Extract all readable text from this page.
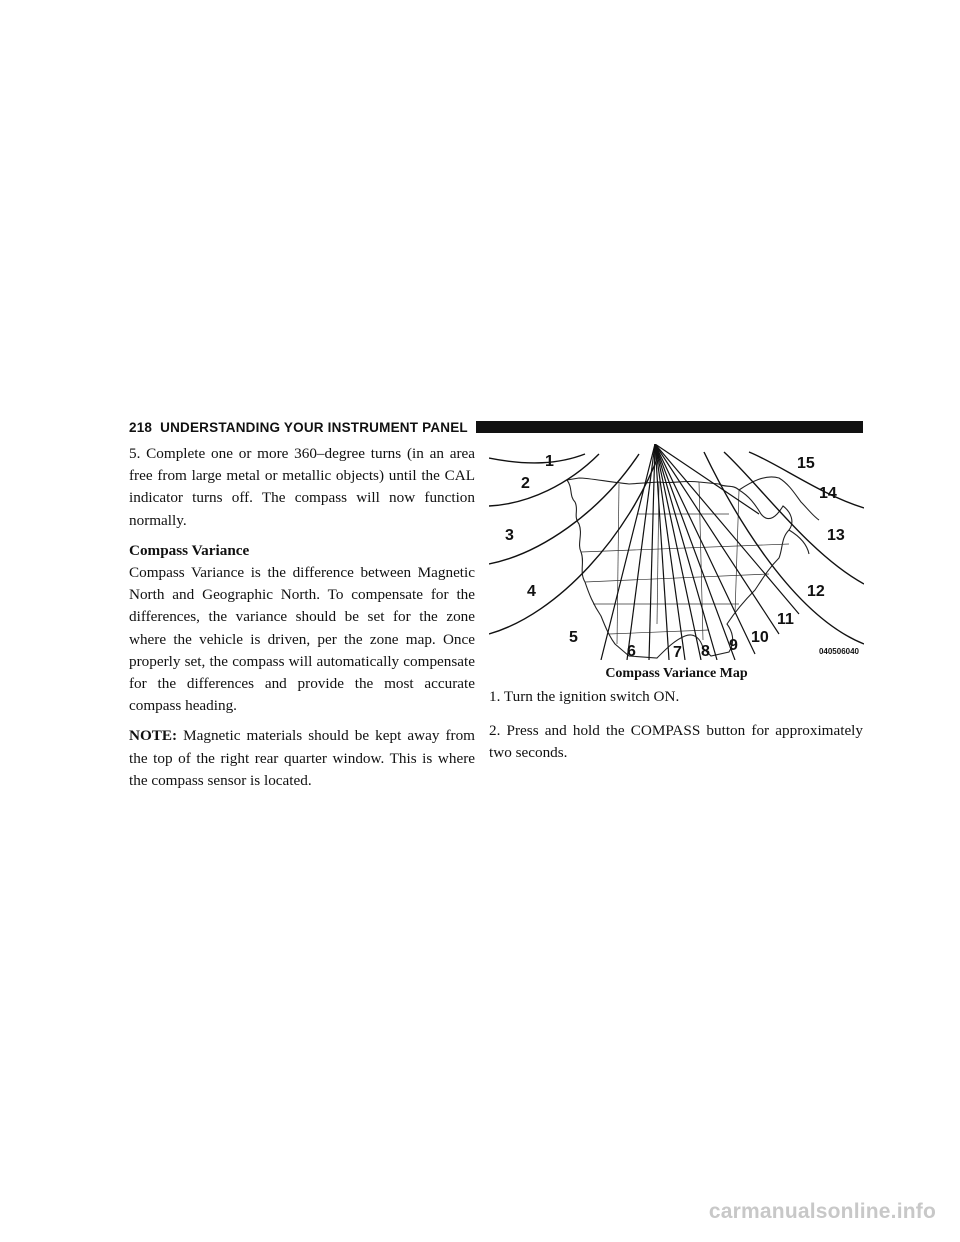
218 UNDERSTANDING YOUR INSTRUMENT PANEL

5. Complete one or more 360–degree turns (in an area free from large metal or metallic objects) until the CAL indicator turns off. The compass will now function normally.

Compass Variance

Compass Variance is the difference between Magnetic North and Geographic North. To compensate for the differences, the variance should be set for the zone where the vehicle is driven, per the zone map. Once properly set, the compass will automatically compensate for the differences and provide the most accurate compass heading.

NOTE: Magnetic materials should be kept away from the top of the right rear quarter window. This is where the compass sensor is located.

1
2
3
4
5
6 7 8 9 10
11
12
13
14
15
040506040
Compass Variance Map

1. Turn the ignition switch ON.

2. Press and hold the COMPASS button for approximately two seconds.

carmanualsonline.info
